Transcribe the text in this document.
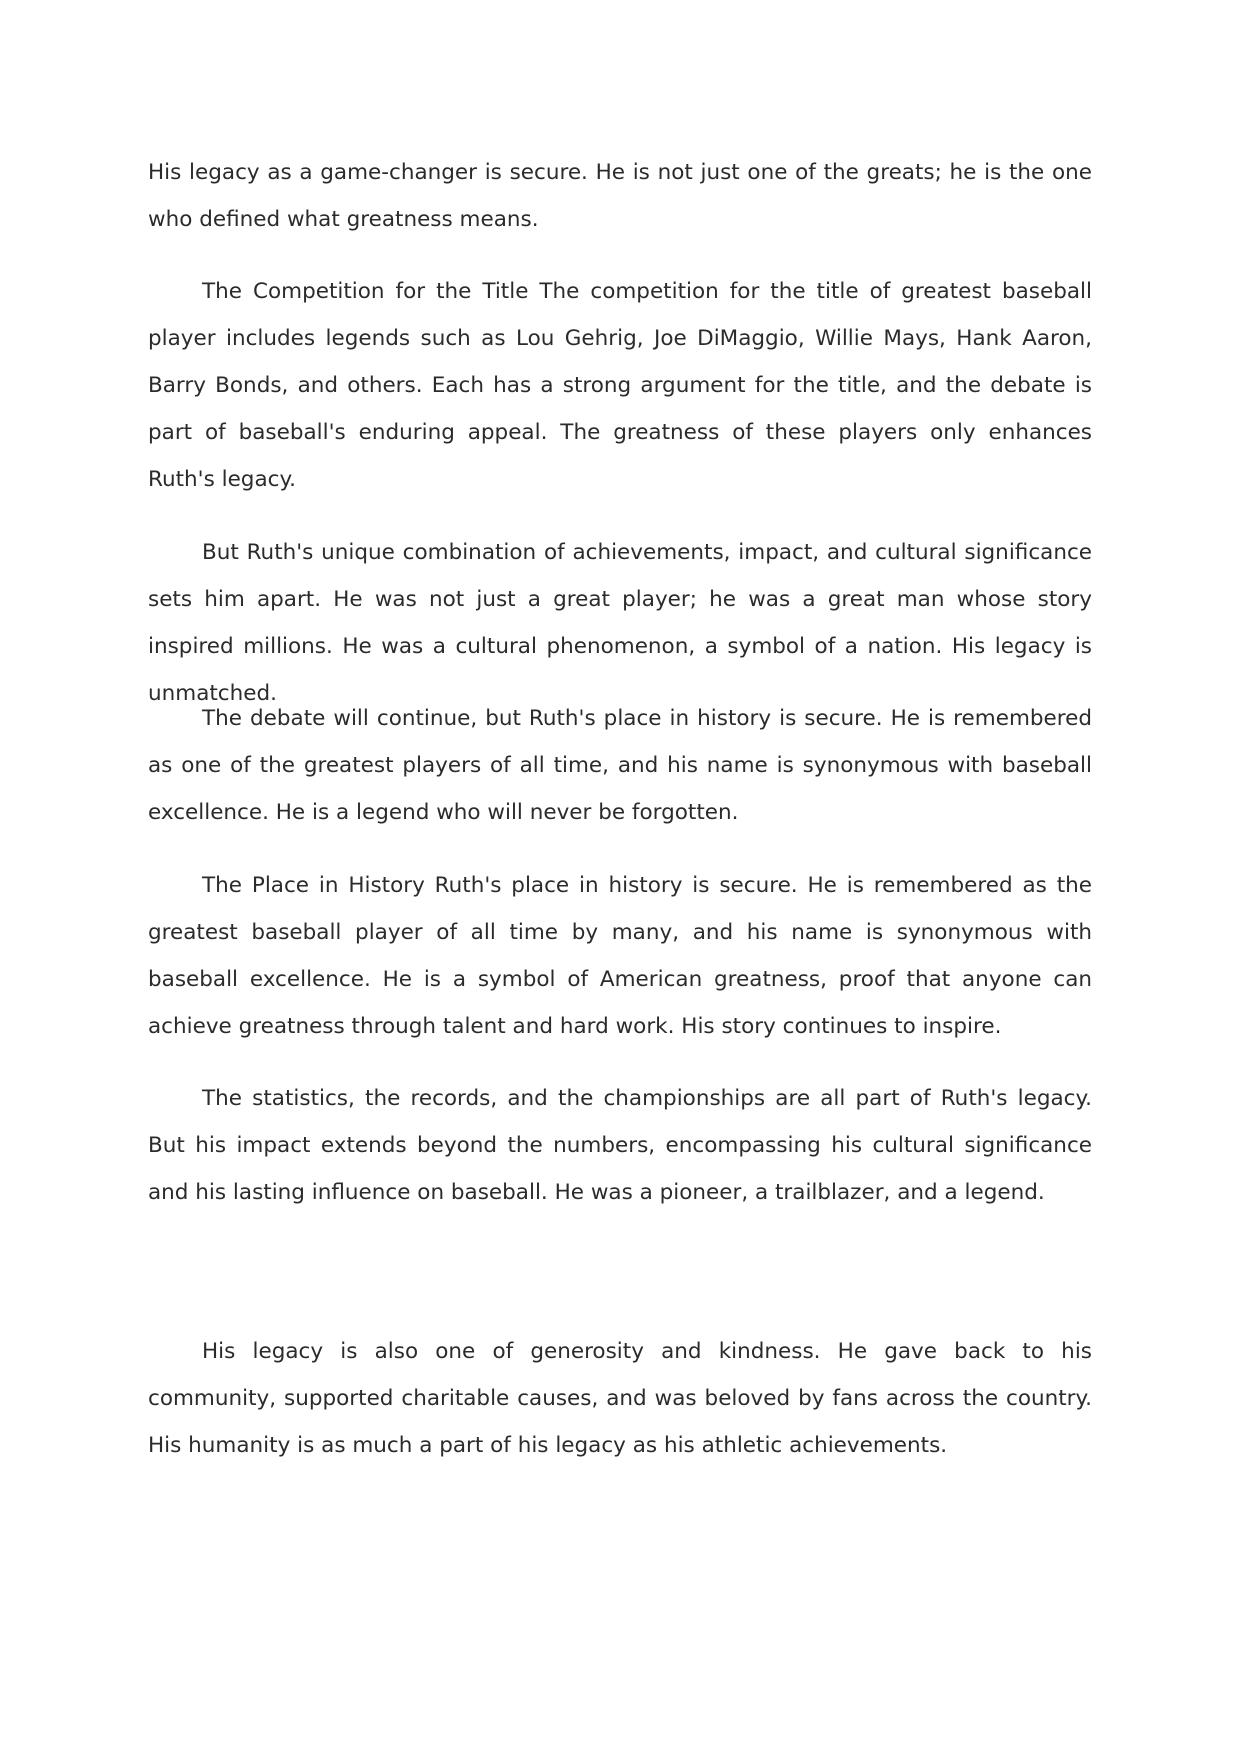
His legacy as a game-changer is secure. He is not just one of the greats; he is the one who defined what greatness means.

The Competition for the Title The competition for the title of greatest baseball player includes legends such as Lou Gehrig, Joe DiMaggio, Willie Mays, Hank Aaron, Barry Bonds, and others. Each has a strong argument for the title, and the debate is part of baseball's enduring appeal. The greatness of these players only enhances Ruth's legacy.

But Ruth's unique combination of achievements, impact, and cultural significance sets him apart. He was not just a great player; he was a great man whose story inspired millions. He was a cultural phenomenon, a symbol of a nation. His legacy is unmatched.

The debate will continue, but Ruth's place in history is secure. He is remembered as one of the greatest players of all time, and his name is synonymous with baseball excellence. He is a legend who will never be forgotten.

The Place in History Ruth's place in history is secure. He is remembered as the greatest baseball player of all time by many, and his name is synonymous with baseball excellence. He is a symbol of American greatness, proof that anyone can achieve greatness through talent and hard work. His story continues to inspire.

The statistics, the records, and the championships are all part of Ruth's legacy. But his impact extends beyond the numbers, encompassing his cultural significance and his lasting influence on baseball. He was a pioneer, a trailblazer, and a legend.

His legacy is also one of generosity and kindness. He gave back to his community, supported charitable causes, and was beloved by fans across the country. His humanity is as much a part of his legacy as his athletic achievements.
